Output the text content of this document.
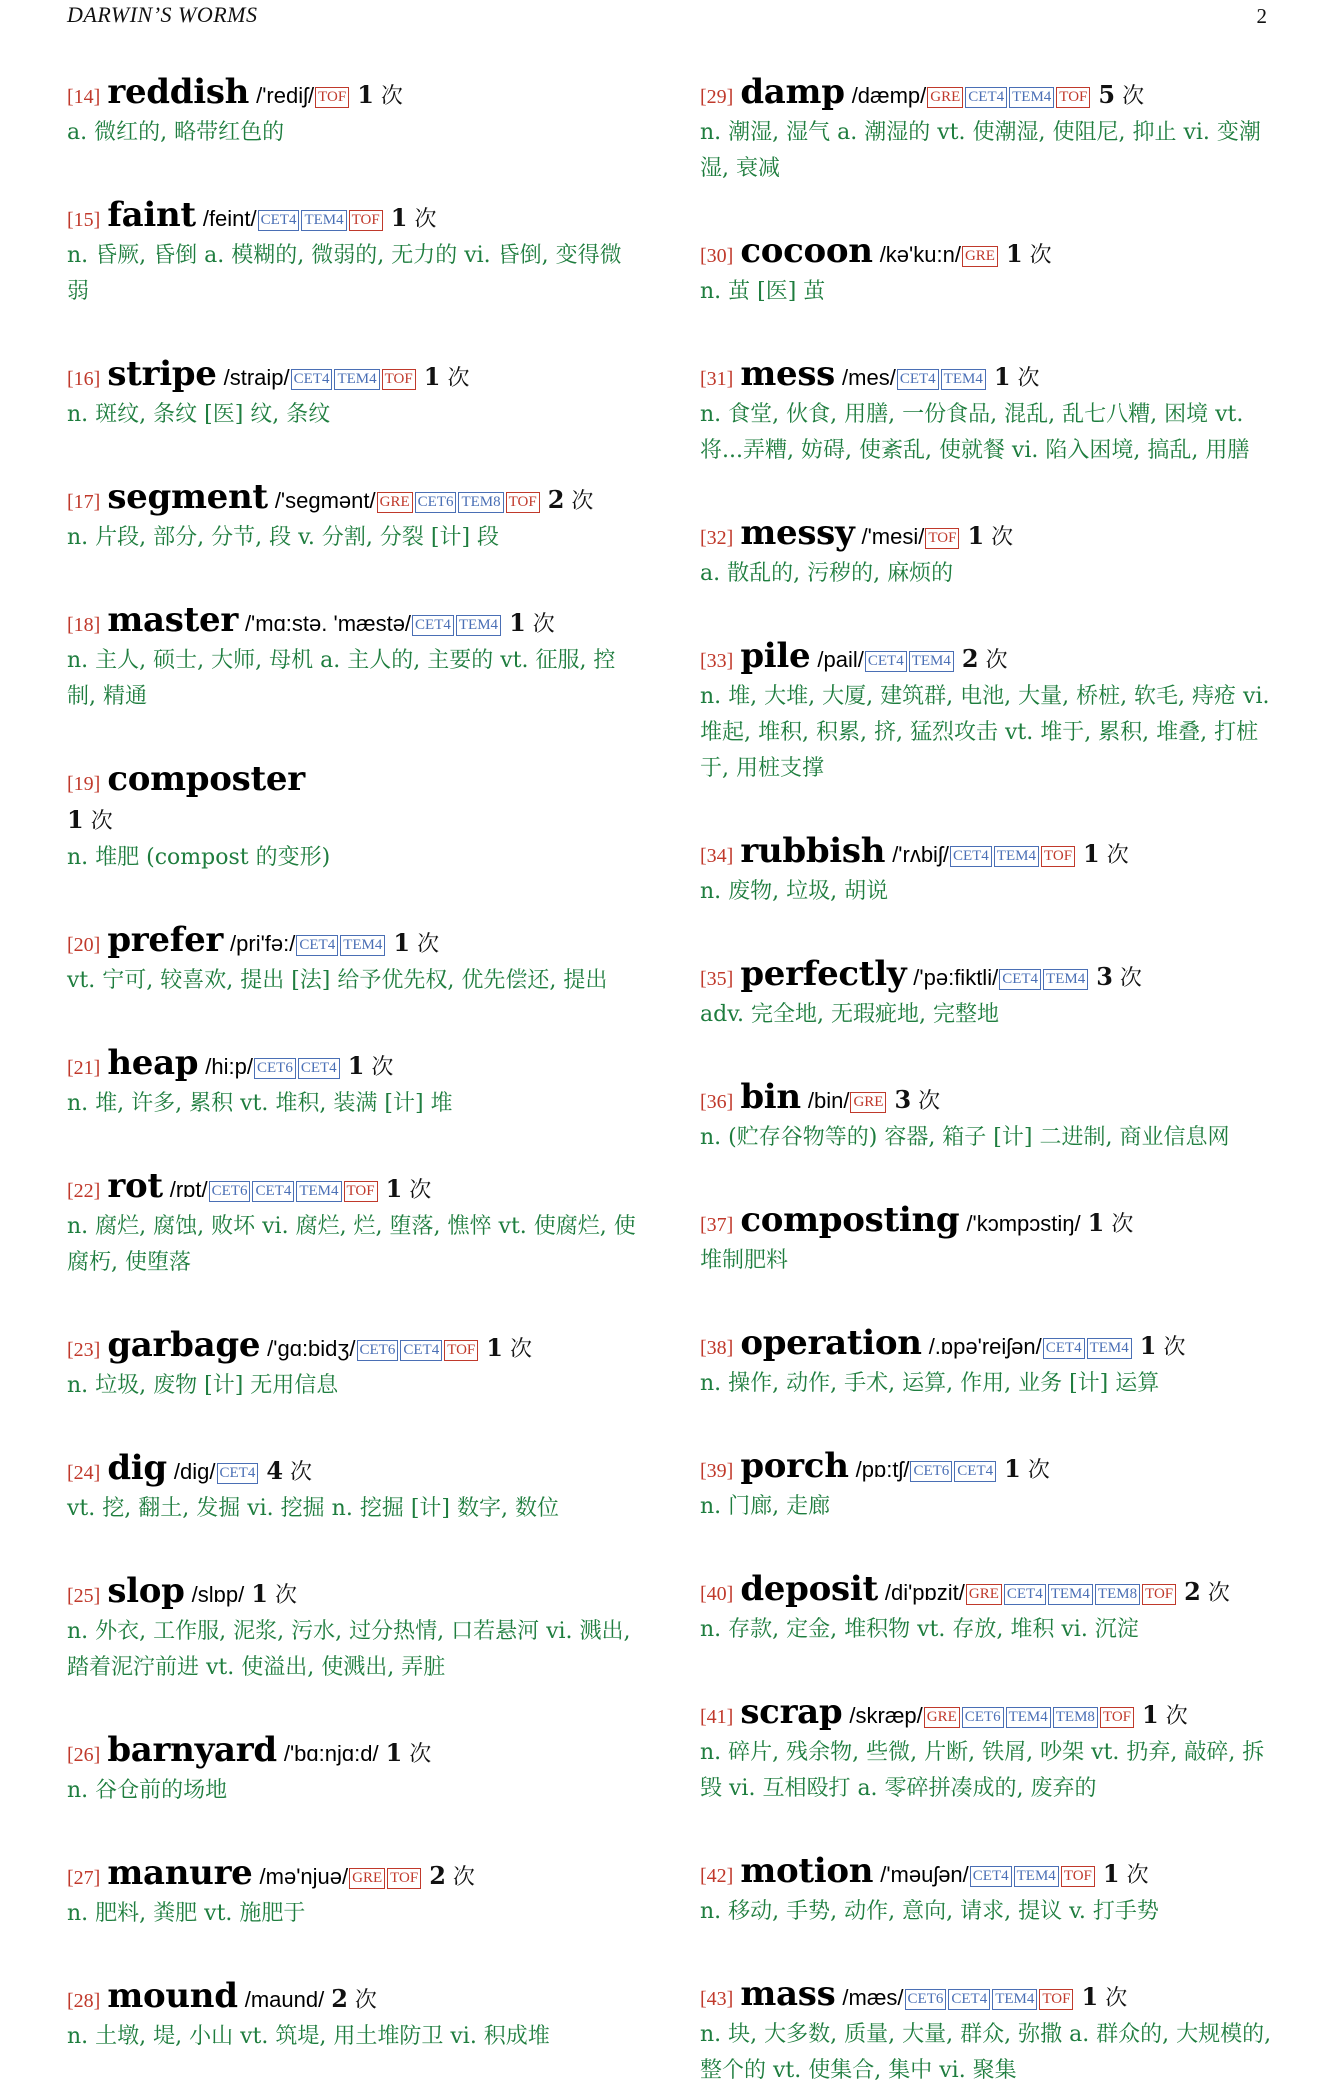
DARWIN’S WORMS	2
[14] reddish /'rediʃ/ TOF 1 次

a. 微红的, 略带红色的

[15] faint /feint/ CET4 TEM4 TOF 1 次

n. 昏厥, 昏倒 a. 模糊的, 微弱的, 无力的 vi. 昏倒, 变得微弱

[16] stripe /straip/ CET4 TEM4 TOF 1 次

n. 斑纹, 条纹 [医] 纹, 条纹

[17] segment /'segmənt/ GRE CET6 TEM8 TOF 2 次

n. 片段, 部分, 分节, 段 v. 分割, 分裂 [计] 段

[18] master /'mɑ:stə. 'mæstə/ CET4 TEM4 1 次

n. 主人, 硕士, 大师, 母机 a. 主人的, 主要的 vt. 征服, 控制, 精通

[19] composter
1 次

n. 堆肥 (compost 的变形)

[20] prefer /pri'fə:/ CET4 TEM4 1 次

vt. 宁可, 较喜欢, 提出 [法] 给予优先权, 优先偿还, 提出

[21] heap /hi:p/ CET6 CET4 1 次

n. 堆, 许多, 累积 vt. 堆积, 装满 [计] 堆

[22] rot /rɒt/ CET6 CET4 TEM4 TOF 1 次

n. 腐烂, 腐蚀, 败坏 vi. 腐烂, 烂, 堕落, 憔悴 vt. 使腐烂, 使腐朽, 使堕落

[23] garbage /'gɑ:bidʒ/ CET6 CET4 TOF 1 次

n. 垃圾, 废物 [计] 无用信息

[24] dig /dig/ CET4 4 次

vt. 挖, 翻土, 发掘 vi. 挖掘 n. 挖掘 [计] 数字, 数位

[25] slop /slɒp/ 1 次

n. 外衣, 工作服, 泥浆, 污水, 过分热情, 口若悬河 vi. 溅出, 踏着泥泞前进 vt. 使溢出, 使溅出, 弄脏

[26] barnyard /'bɑ:njɑ:d/ 1 次

n. 谷仓前的场地

[27] manure /mə'njuə/ GRE TOF 2 次

n. 肥料, 粪肥 vt. 施肥于

[28] mound /maund/ 2 次

n. 土墩, 堤, 小山 vt. 筑堤, 用土堆防卫 vi. 积成堆

[29] damp /dæmp/ GRE CET4 TEM4 TOF 5 次

n. 潮湿, 湿气 a. 潮湿的 vt. 使潮湿, 使阻尼, 抑止 vi. 变潮湿, 衰减

[30] cocoon /kə'ku:n/ GRE 1 次

n. 茧 [医] 茧

[31] mess /mes/ CET4 TEM4 1 次

n. 食堂, 伙食, 用膳, 一份食品, 混乱, 乱七八糟, 困境 vt. 将...弄糟, 妨碍, 使紊乱, 使就餐 vi. 陷入困境, 搞乱, 用膳

[32] messy /'mesi/ TOF 1 次

a. 散乱的, 污秽的, 麻烦的

[33] pile /pail/ CET4 TEM4 2 次

n. 堆, 大堆, 大厦, 建筑群, 电池, 大量, 桥桩, 软毛, 痔疮 vi. 堆起, 堆积, 积累, 挤, 猛烈攻击 vt. 堆于, 累积, 堆叠, 打桩于, 用桩支撑

[34] rubbish /'rʌbiʃ/ CET4 TEM4 TOF 1 次

n. 废物, 垃圾, 胡说

[35] perfectly /'pə:fiktli/ CET4 TEM4 3 次

adv. 完全地, 无瑕疵地, 完整地

[36] bin /bin/ GRE 3 次

n. (贮存谷物等的) 容器, 箱子 [计] 二进制, 商业信息网

[37] composting /'kɔmpɔstiŋ/ 1 次

堆制肥料

[38] operation /.ɒpə'reiʃən/ CET4 TEM4 1 次

n. 操作, 动作, 手术, 运算, 作用, 业务 [计] 运算

[39] porch /pɒ:tʃ/ CET6 CET4 1 次

n. 门廊, 走廊

[40] deposit /di'pɒzit/ GRE CET4 TEM4 TEM8 TOF 2 次

n. 存款, 定金, 堆积物 vt. 存放, 堆积 vi. 沉淀

[41] scrap /skræp/ GRE CET6 TEM4 TEM8 TOF 1 次

n. 碎片, 残余物, 些微, 片断, 铁屑, 吵架 vt. 扔弃, 敲碎, 拆毁 vi. 互相殴打 a. 零碎拼凑成的, 废弃的

[42] motion /'məuʃən/ CET4 TEM4 TOF 1 次

n. 移动, 手势, 动作, 意向, 请求, 提议 v. 打手势

[43] mass /mæs/ CET6 CET4 TEM4 TOF 1 次

n. 块, 大多数, 质量, 大量, 群众, 弥撒 a. 群众的, 大规模的, 整个的 vt. 使集合, 集中 vi. 聚集
